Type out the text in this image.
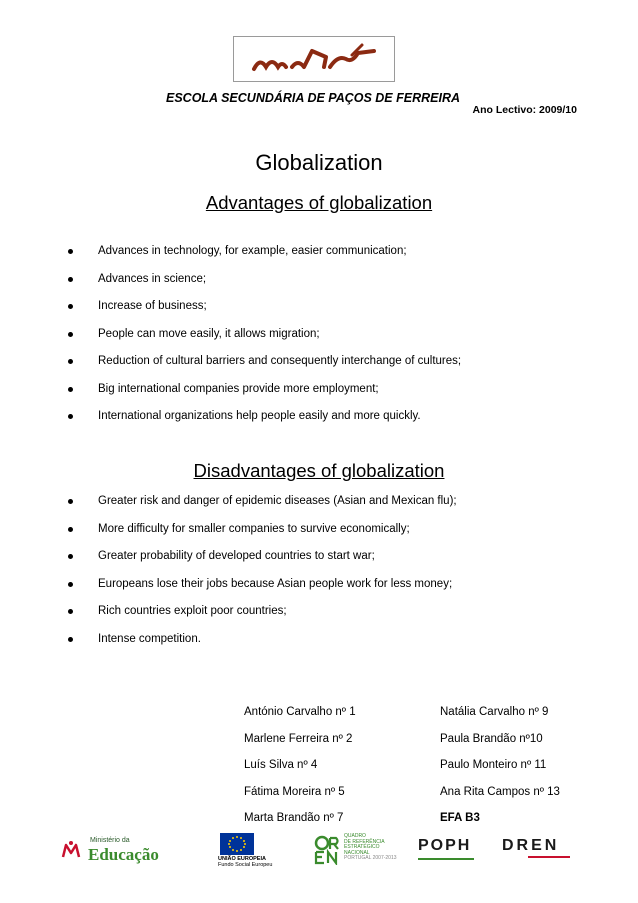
ESCOLA SECUNDÁRIA DE PAÇOS DE FERREIRA
Ano Lectivo: 2009/10
Globalization
Advantages of globalization
Advances in technology, for example, easier communication;
Advances in science;
Increase of business;
People can move easily, it allows migration;
Reduction of cultural barriers and consequently interchange of cultures;
Big international companies provide more employment;
International organizations help people easily and more quickly.
Disadvantages of globalization
Greater risk and danger of epidemic diseases (Asian and Mexican flu);
More difficulty for smaller companies to survive economically;
Greater probability of developed countries to start war;
Europeans lose their jobs because Asian people work for less money;
Rich countries exploit poor countries;
Intense competition.
António Carvalho nº 1
Marlene Ferreira nº 2
Luís Silva nº 4
Fátima Moreira nº 5
Marta Brandão nº 7
Natália Carvalho nº 9
Paula Brandão nº10
Paulo Monteiro nº 11
Ana Rita Campos nº 13
EFA B3
Ministério da
Educação	UNIÃO EUROPEIA
Fundo Social Europeu
QUADRO
DE REFERÊNCIA
ESTRATÉGICO
NACIONAL
PORTUGAL 2007-2013
POPH DREN
